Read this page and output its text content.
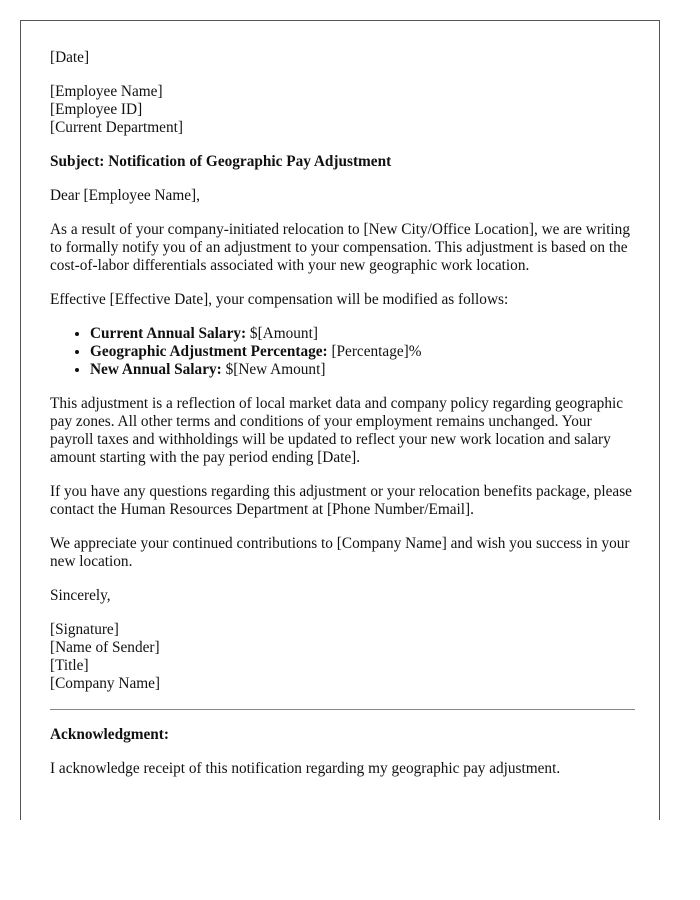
[Date]

[Employee Name]
[Employee ID]
[Current Department]

Subject: Notification of Geographic Pay Adjustment

Dear [Employee Name],

As a result of your company-initiated relocation to [New City/Office Location], we are writing to formally notify you of an adjustment to your compensation. This adjustment is based on the cost-of-labor differentials associated with your new geographic work location.

Effective [Effective Date], your compensation will be modified as follows:

• Current Annual Salary: $[Amount]
• Geographic Adjustment Percentage: [Percentage]%
• New Annual Salary: $[New Amount]

This adjustment is a reflection of local market data and company policy regarding geographic pay zones. All other terms and conditions of your employment remains unchanged. Your payroll taxes and withholdings will be updated to reflect your new work location and salary amount starting with the pay period ending [Date].

If you have any questions regarding this adjustment or your relocation benefits package, please contact the Human Resources Department at [Phone Number/Email].

We appreciate your continued contributions to [Company Name] and wish you success in your new location.

Sincerely,

[Signature]
[Name of Sender]
[Title]
[Company Name]

Acknowledgment:

I acknowledge receipt of this notification regarding my geographic pay adjustment.
